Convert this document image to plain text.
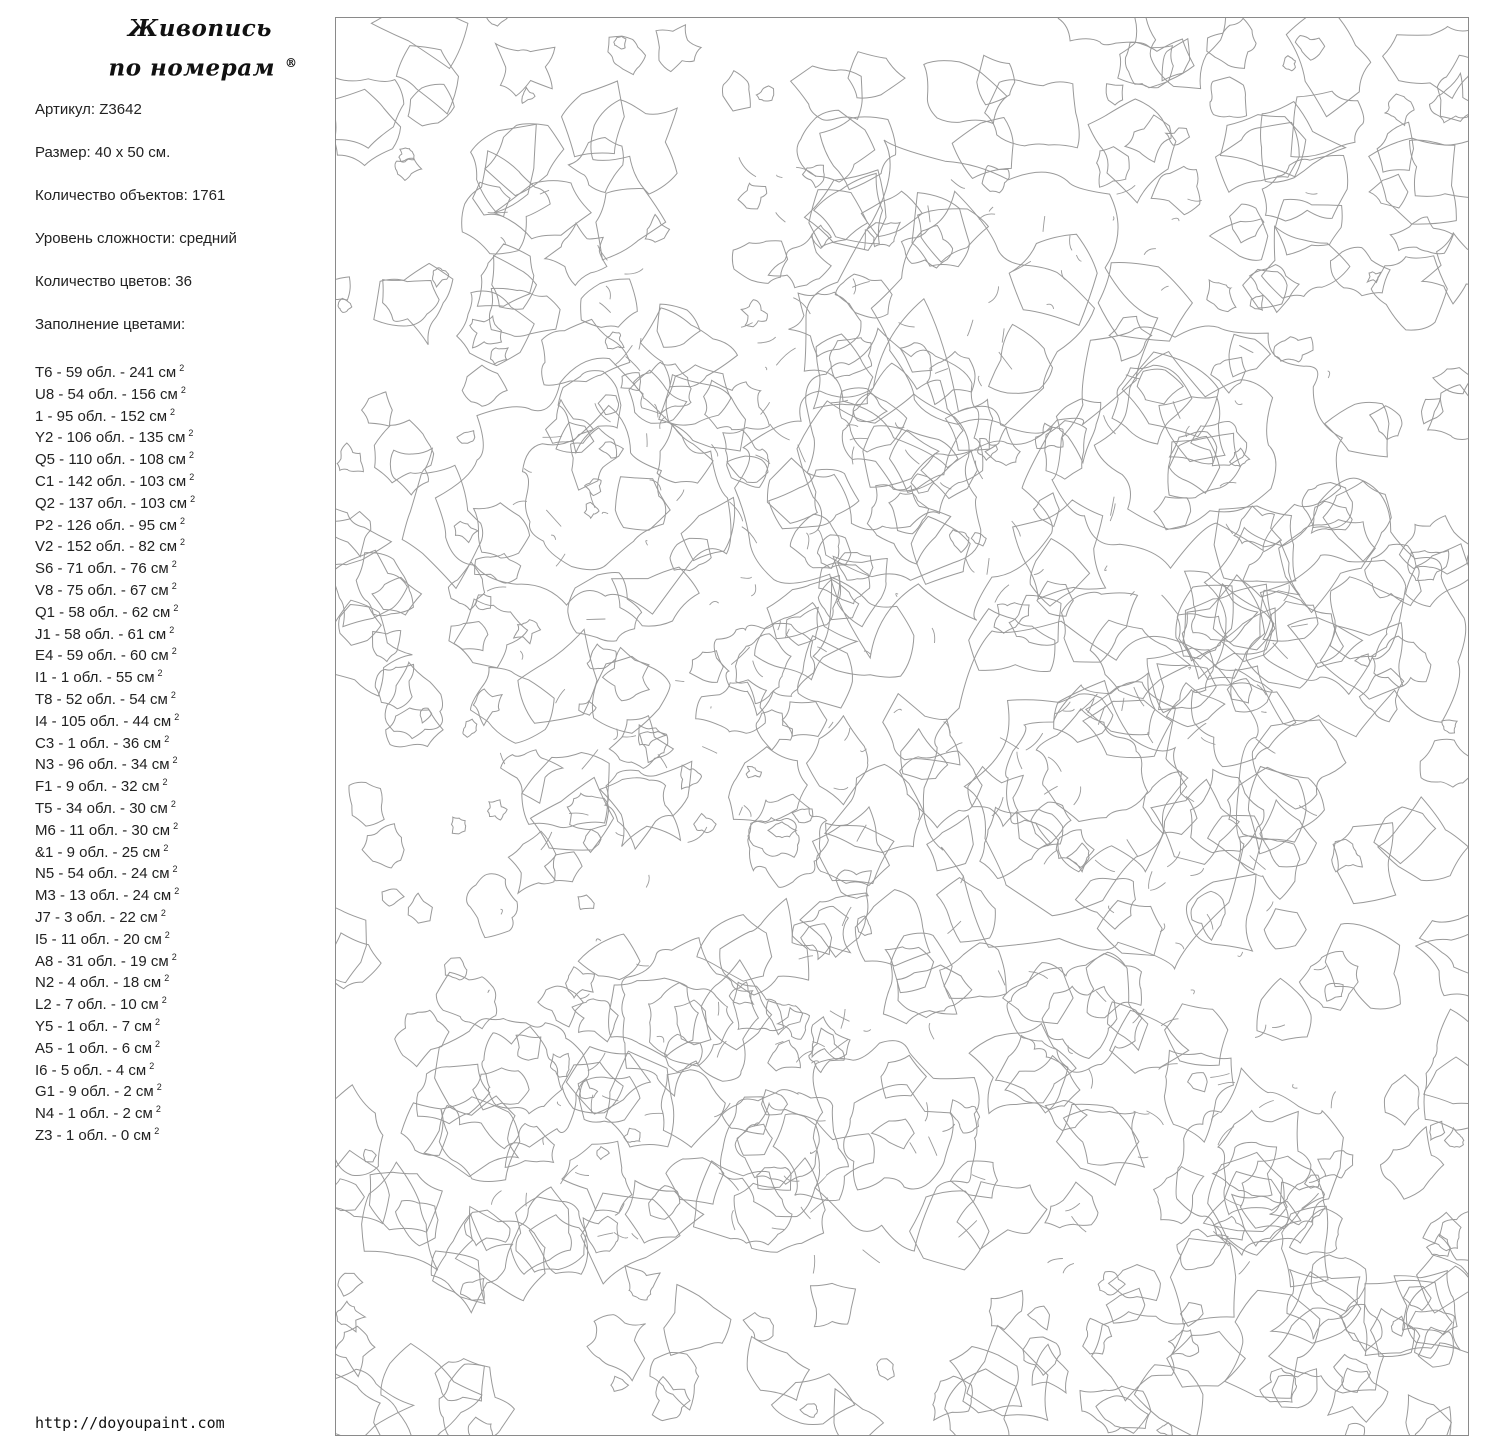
Живопись
по номерам ®
Артикул: Z3642
Размер: 40 x 50 см.
Количество объектов: 1761
Уровень сложности: средний
Количество цветов: 36
Заполнение цветами:
T6 - 59 обл. - 241 см $^2$
U8 - 54 обл. - 156 см $^2$
1 - 95 обл. - 152 см $^2$
Y2 - 106 обл. - 135 см $^2$
Q5 - 110 обл. - 108 см $^2$
C1 - 142 обл. - 103 см $^2$
Q2 - 137 обл. - 103 см $^2$
P2 - 126 обл. - 95 см $^2$
V2 - 152 обл. - 82 см $^2$
S6 - 71 обл. - 76 см $^2$
V8 - 75 обл. - 67 см $^2$
Q1 - 58 обл. - 62 см $^2$
J1 - 58 обл. - 61 см $^2$
E4 - 59 обл. - 60 см $^2$
I1 - 1 обл. - 55 см $^2$
T8 - 52 обл. - 54 см $^2$
I4 - 105 обл. - 44 см $^2$
C3 - 1 обл. - 36 см $^2$
N3 - 96 обл. - 34 см $^2$
F1 - 9 обл. - 32 см $^2$
T5 - 34 обл. - 30 см $^2$
M6 - 11 обл. - 30 см $^2$
&1 - 9 обл. - 25 см $^2$
N5 - 54 обл. - 24 см $^2$
M3 - 13 обл. - 24 см $^2$
J7 - 3 обл. - 22 см $^2$
I5 - 11 обл. - 20 см $^2$
A8 - 31 обл. - 19 см $^2$
N2 - 4 обл. - 18 см $^2$
L2 - 7 обл. - 10 см $^2$
Y5 - 1 обл. - 7 см $^2$
A5 - 1 обл. - 6 см $^2$
I6 - 5 обл. - 4 см $^2$
G1 - 9 обл. - 2 см $^2$
N4 - 1 обл. - 2 см $^2$
Z3 - 1 обл. - 0 см $^2$
http://doyoupaint.com
